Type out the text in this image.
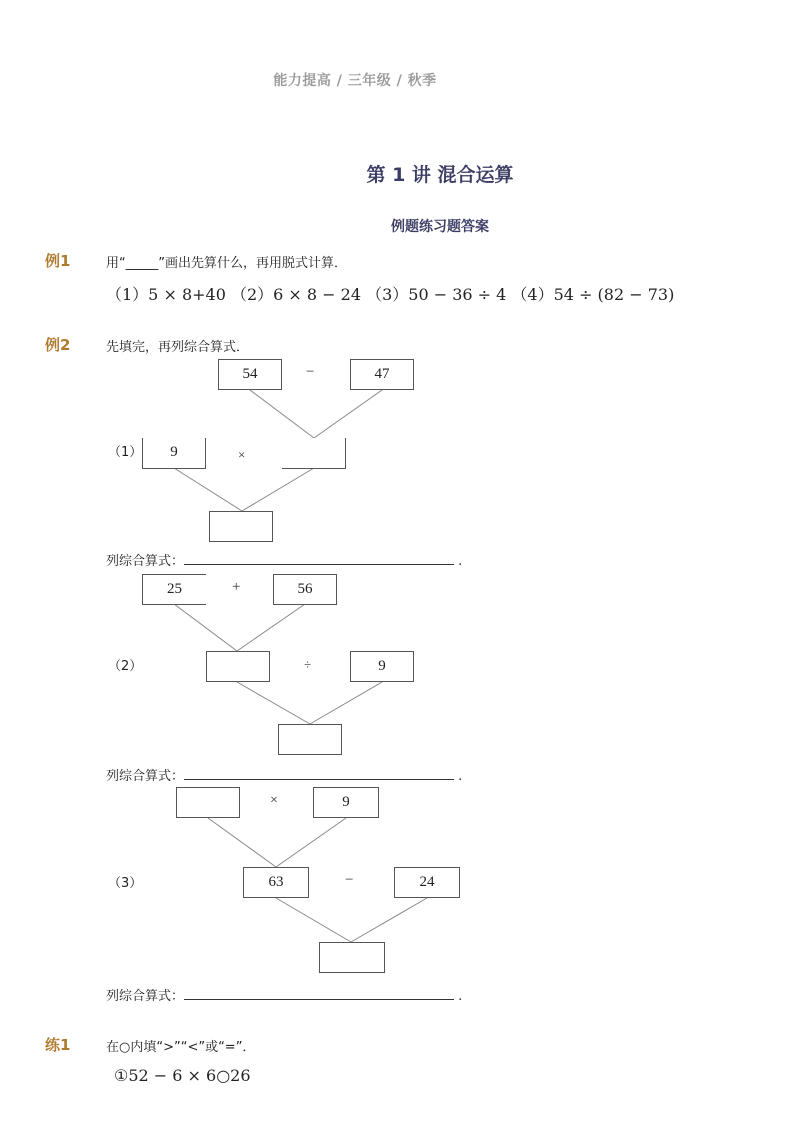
能力提高 / 三年级 / 秋季
第 1 讲 混合运算
例题练习题答案
例1	用“_____”画出先算什么，再用脱式计算．
（1）5 × 8+40 （2）6 × 8 − 24 （3）50 − 36 ÷ 4 （4）54 ÷ (82 − 73)
例2	先填完，再列综合算式．
54	−	47
（1）	9	×
列综合算式：	.
25	+	56
（2）	÷	9
列综合算式：	.
×	9
（3）	63	−	24
列综合算式：	.
练1	在○内填“>”“<”或“=”．
①52 − 6 × 6○26
